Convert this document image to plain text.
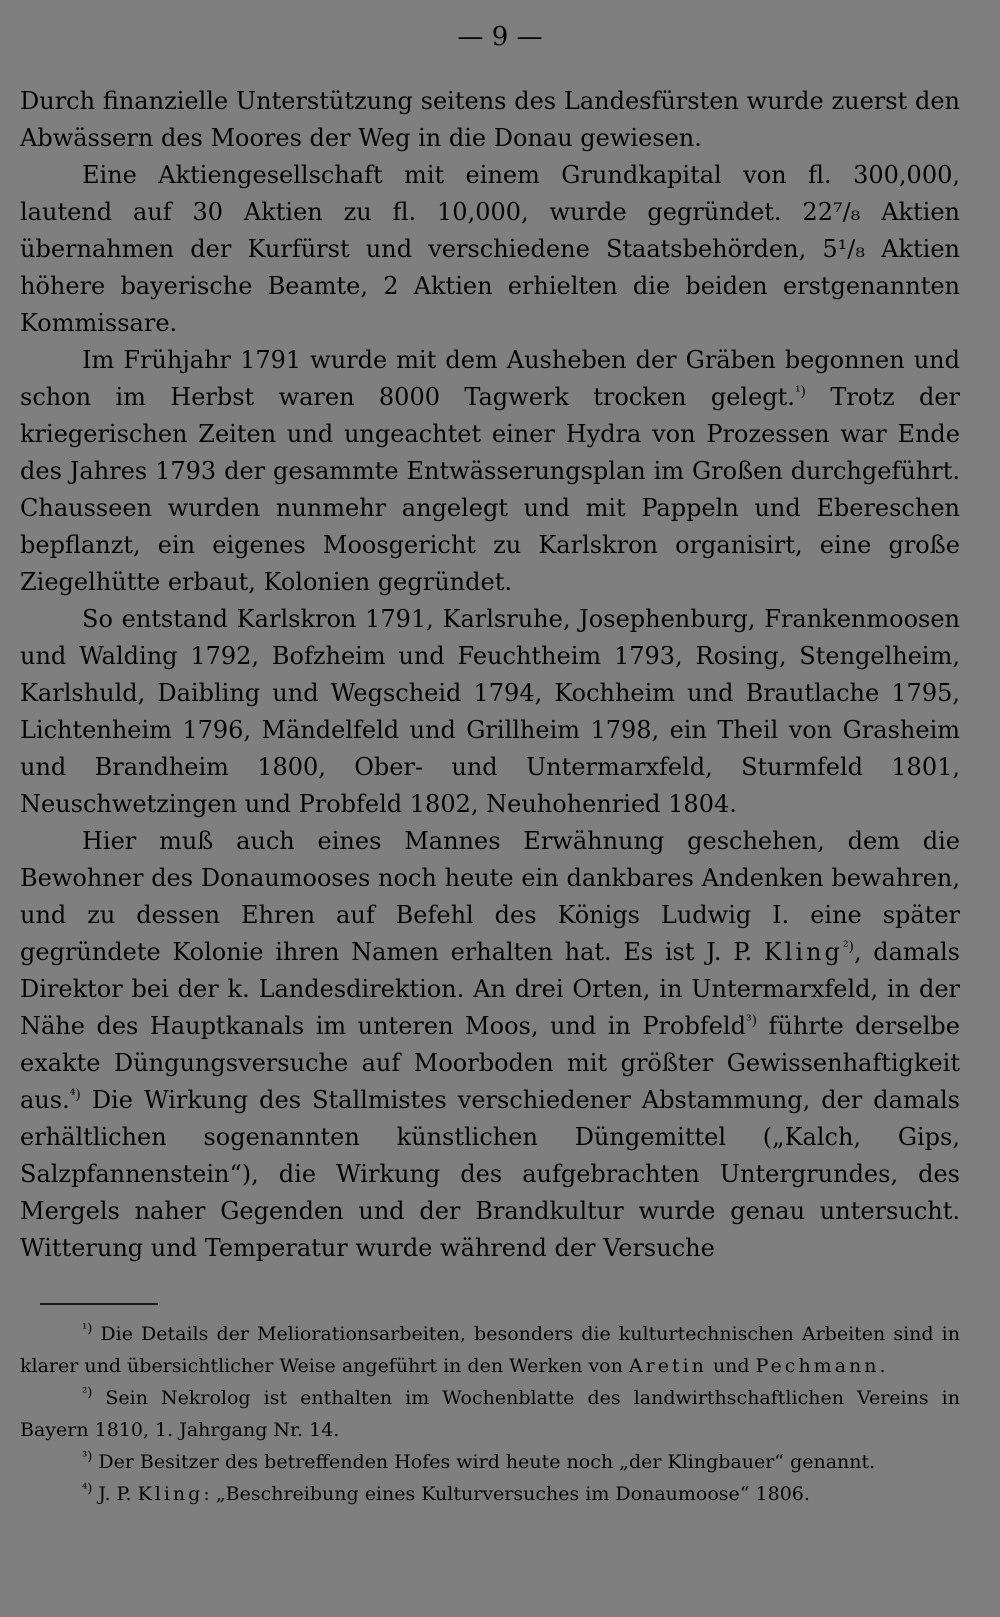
— 9 —

Durch finanzielle Unterstützung seitens des Landesfürsten wurde zuerst den Abwässern des Moores der Weg in die Donau gewiesen.

Eine Aktiengesellschaft mit einem Grundkapital von fl. 300,000, lautend auf 30 Aktien zu fl. 10,000, wurde gegründet. 22⁷/₈ Aktien übernahmen der Kurfürst und verschiedene Staatsbehörden, 5¹/₈ Aktien höhere bayerische Beamte, 2 Aktien erhielten die beiden erstgenannten Kommissare.

Im Frühjahr 1791 wurde mit dem Ausheben der Gräben begonnen und schon im Herbst waren 8000 Tagwerk trocken gelegt.$^{^1)}$ Trotz der kriegerischen Zeiten und ungeachtet einer Hydra von Prozessen war Ende des Jahres 1793 der gesammte Entwässerungsplan im Großen durchgeführt. Chausseen wurden nunmehr angelegt und mit Pappeln und Ebereschen bepflanzt, ein eigenes Moosgericht zu Karlskron organisirt, eine große Ziegelhütte erbaut, Kolonien gegründet.

So entstand Karlskron 1791, Karlsruhe, Josephenburg, Frankenmoosen und Walding 1792, Bofzheim und Feuchtheim 1793, Rosing, Stengelheim, Karlshuld, Daibling und Wegscheid 1794, Kochheim und Brautlache 1795, Lichtenheim 1796, Mändelfeld und Grillheim 1798, ein Theil von Grasheim und Brandheim 1800, Ober- und Untermarxfeld, Sturmfeld 1801, Neuschwetzingen und Probfeld 1802, Neuhohenried 1804.

Hier muß auch eines Mannes Erwähnung geschehen, dem die Bewohner des Donaumooses noch heute ein dankbares Andenken bewahren, und zu dessen Ehren auf Befehl des Königs Ludwig I. eine später gegründete Kolonie ihren Namen erhalten hat. Es ist J. P. Kling$^{^2)}$, damals Direktor bei der k. Landesdirektion. An drei Orten, in Untermarxfeld, in der Nähe des Hauptkanals im unteren Moos, und in Probfeld$^{^3)}$ führte derselbe exakte Düngungsversuche auf Moorboden mit größter Gewissenhaftigkeit aus.$^{^4)}$ Die Wirkung des Stallmistes verschiedener Abstammung, der damals erhältlichen sogenannten künstlichen Düngemittel („Kalch, Gips, Salzpfannenstein“), die Wirkung des aufgebrachten Untergrundes, des Mergels naher Gegenden und der Brandkultur wurde genau untersucht. Witterung und Temperatur wurde während der Versuche

$^{^1)}$ Die Details der Meliorationsarbeiten, besonders die kulturtechnischen Arbeiten sind in klarer und übersichtlicher Weise angeführt in den Werken von Aretin und Pechmann.

$^{^2)}$ Sein Nekrolog ist enthalten im Wochenblatte des landwirthschaftlichen Vereins in Bayern 1810, 1. Jahrgang Nr. 14.

$^{^3)}$ Der Besitzer des betreffenden Hofes wird heute noch „der Klingbauer“ genannt.

$^{^4)}$ J. P. Kling: „Beschreibung eines Kulturversuches im Donaumoose“ 1806.
